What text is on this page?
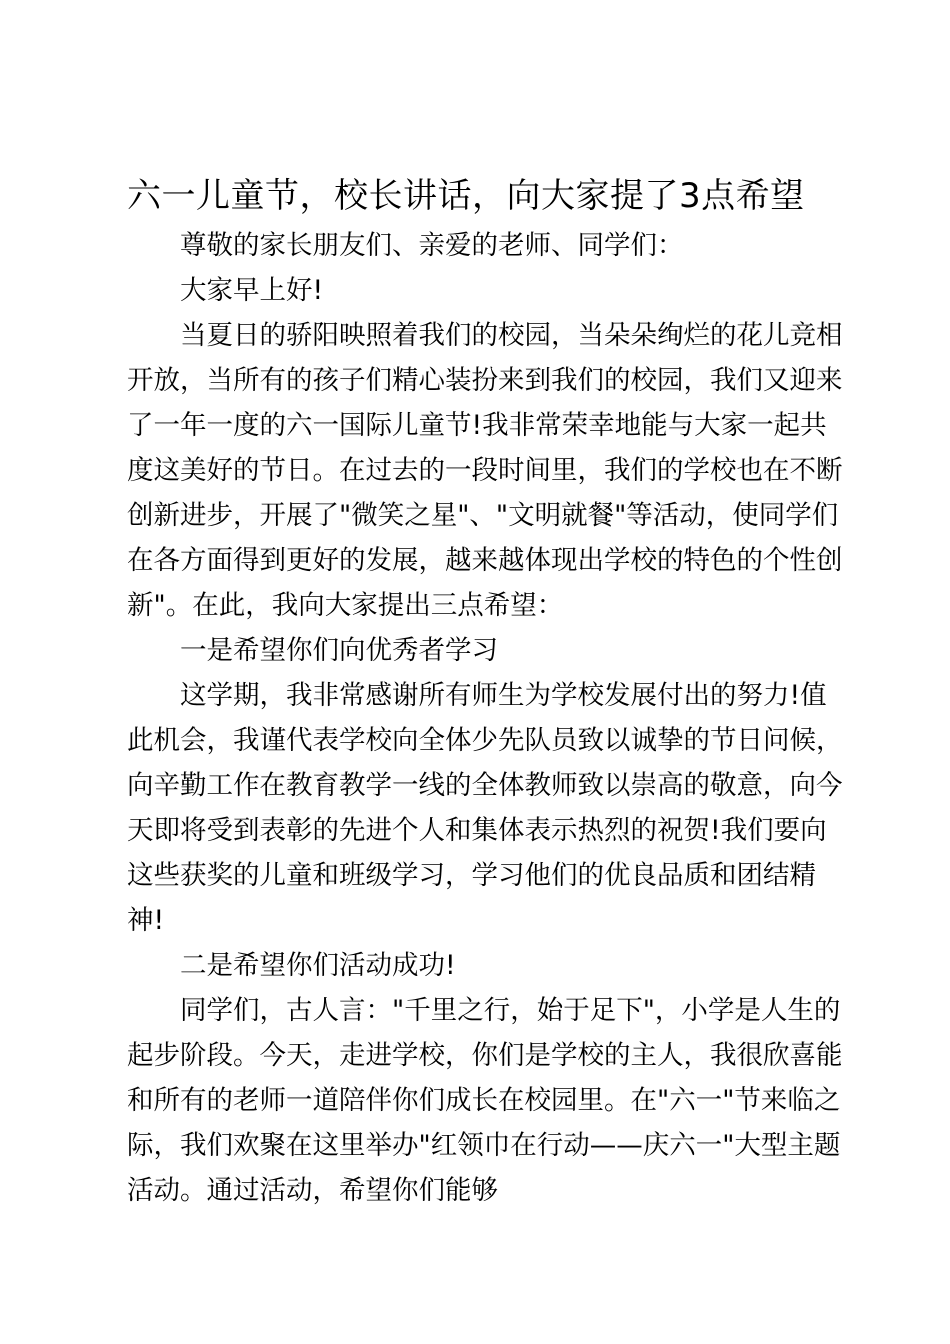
六一儿童节，校长讲话，向大家提了3点希望

尊敬的家长朋友们、亲爱的老师、同学们：

大家早上好!

当夏日的骄阳映照着我们的校园，当朵朵绚烂的花儿竞相开放，当所有的孩子们精心装扮来到我们的校园，我们又迎来了一年一度的六一国际儿童节!我非常荣幸地能与大家一起共度这美好的节日。在过去的一段时间里，我们的学校也在不断创新进步，开展了"微笑之星"、"文明就餐"等活动，使同学们在各方面得到更好的发展，越来越体现出学校的特色的个性创新"。在此，我向大家提出三点希望：

一是希望你们向优秀者学习

这学期，我非常感谢所有师生为学校发展付出的努力!值此机会，我谨代表学校向全体少先队员致以诚挚的节日问候，向辛勤工作在教育教学一线的全体教师致以崇高的敬意，向今天即将受到表彰的先进个人和集体表示热烈的祝贺!我们要向这些获奖的儿童和班级学习，学习他们的优良品质和团结精神!

二是希望你们活动成功!

同学们，古人言："千里之行，始于足下"，小学是人生的起步阶段。今天，走进学校，你们是学校的主人，我很欣喜能和所有的老师一道陪伴你们成长在校园里。在"六一"节来临之际，我们欢聚在这里举办"红领巾在行动——庆六一"大型主题活动。通过活动，希望你们能够
